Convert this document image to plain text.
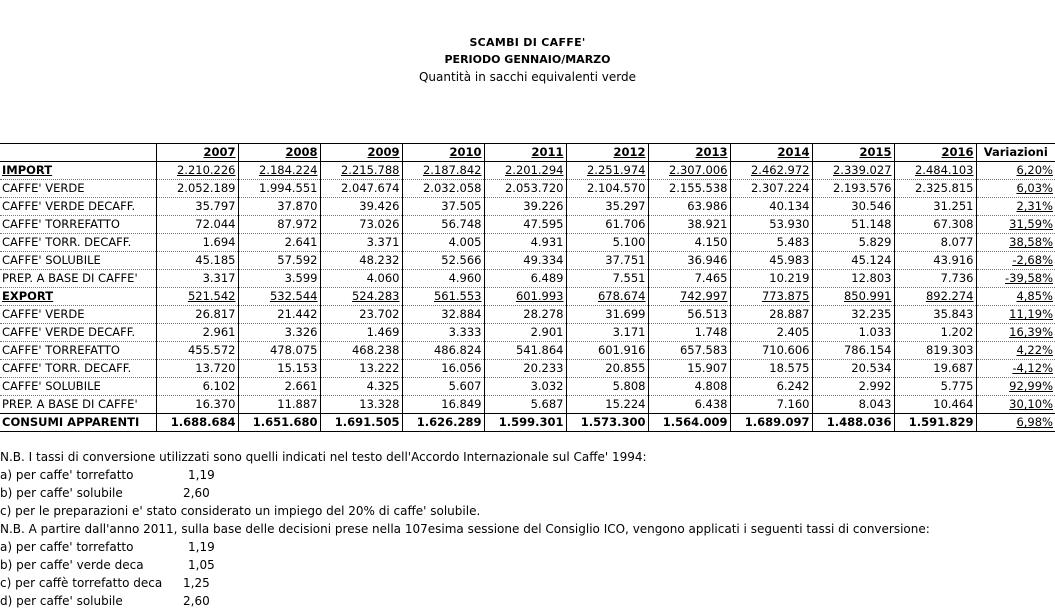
SCAMBI DI CAFFE'
PERIODO GENNAIO/MARZO
Quantità in sacchi equivalenti verde
	2007	2008	2009	2010	2011	2012	2013	2014	2015	2016	Variazioni
IMPORT	2.210.226	2.184.224	2.215.788	2.187.842	2.201.294	2.251.974	2.307.006	2.462.972	2.339.027	2.484.103	6,20%
CAFFE' VERDE	2.052.189	1.994.551	2.047.674	2.032.058	2.053.720	2.104.570	2.155.538	2.307.224	2.193.576	2.325.815	6,03%
CAFFE' VERDE DECAFF.	35.797	37.870	39.426	37.505	39.226	35.297	63.986	40.134	30.546	31.251	2,31%
CAFFE' TORREFATTO	72.044	87.972	73.026	56.748	47.595	61.706	38.921	53.930	51.148	67.308	31,59%
CAFFE' TORR. DECAFF.	1.694	2.641	3.371	4.005	4.931	5.100	4.150	5.483	5.829	8.077	38,58%
CAFFE' SOLUBILE	45.185	57.592	48.232	52.566	49.334	37.751	36.946	45.983	45.124	43.916	-2,68%
PREP. A BASE DI CAFFE'	3.317	3.599	4.060	4.960	6.489	7.551	7.465	10.219	12.803	7.736	-39,58%
EXPORT	521.542	532.544	524.283	561.553	601.993	678.674	742.997	773.875	850.991	892.274	4,85%
CAFFE' VERDE	26.817	21.442	23.702	32.884	28.278	31.699	56.513	28.887	32.235	35.843	11,19%
CAFFE' VERDE DECAFF.	2.961	3.326	1.469	3.333	2.901	3.171	1.748	2.405	1.033	1.202	16,39%
CAFFE' TORREFATTO	455.572	478.075	468.238	486.824	541.864	601.916	657.583	710.606	786.154	819.303	4,22%
CAFFE' TORR. DECAFF.	13.720	15.153	13.222	16.056	20.233	20.855	15.907	18.575	20.534	19.687	-4,12%
CAFFE' SOLUBILE	6.102	2.661	4.325	5.607	3.032	5.808	4.808	6.242	2.992	5.775	92,99%
PREP. A BASE DI CAFFE'	16.370	11.887	13.328	16.849	5.687	15.224	6.438	7.160	8.043	10.464	30,10%
CONSUMI APPARENTI	1.688.684	1.651.680	1.691.505	1.626.289	1.599.301	1.573.300	1.564.009	1.689.097	1.488.036	1.591.829	6,98%
N.B. I tassi di conversione utilizzati sono quelli indicati nel testo dell'Accordo Internazionale sul Caffe' 1994:
a) per caffe' torrefatto	1,19
b) per caffe' solubile	2,60
c) per le preparazioni e' stato considerato un impiego del 20% di caffe' solubile.
N.B. A partire dall'anno 2011, sulla base delle decisioni prese nella 107esima sessione del Consiglio ICO, vengono applicati i seguenti tassi di conversione:
a) per caffe' torrefatto	1,19
b) per caffe' verde deca	1,05
c) per caffè torrefatto deca 1,25
d) per caffe' solubile	2,60
